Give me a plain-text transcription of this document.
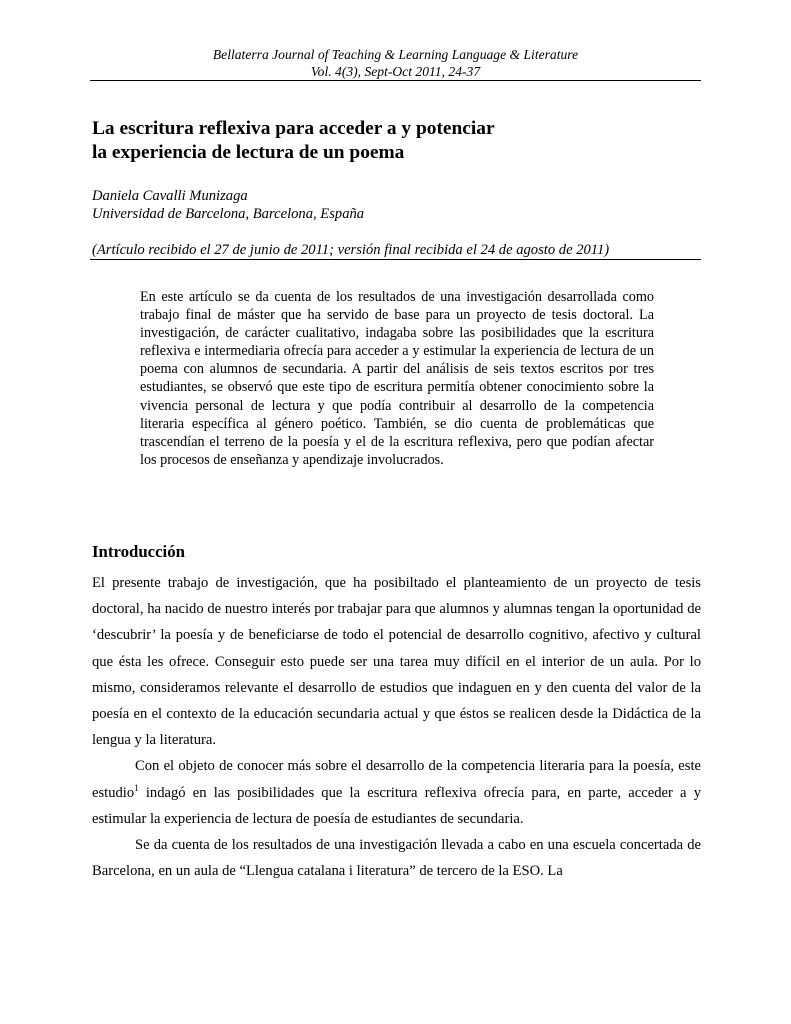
Bellaterra Journal of Teaching & Learning Language & Literature
Vol. 4(3), Sept-Oct 2011, 24-37
La escritura reflexiva para acceder a y potenciar
la experiencia de lectura de un poema
Daniela Cavalli Munizaga
Universidad de Barcelona, Barcelona, España
(Artículo recibido el 27 de junio de 2011; versión final recibida el 24 de agosto de 2011)

En este artículo se da cuenta de los resultados de una investigación desarrollada como trabajo final de máster que ha servido de base para un proyecto de tesis doctoral. La investigación, de carácter cualitativo, indagaba sobre las posibilidades que la escritura reflexiva e intermediaria ofrecía para acceder a y estimular la experiencia de lectura de un poema con alumnos de secundaria. A partir del análisis de seis textos escritos por tres estudiantes, se observó que este tipo de escritura permitía obtener conocimiento sobre la vivencia personal de lectura y que podía contribuir al desarrollo de la competencia literaria específica al género poético. También, se dio cuenta de problemáticas que trascendían el terreno de la poesía y el de la escritura reflexiva, pero que podían afectar los procesos de enseñanza y apendizaje involucrados.

Introducción

El presente trabajo de investigación, que ha posibiltado el planteamiento de un proyecto de tesis doctoral, ha nacido de nuestro interés por trabajar para que alumnos y alumnas tengan la oportunidad de ‘descubrir’ la poesía y de beneficiarse de todo el potencial de desarrollo cognitivo, afectivo y cultural que ésta les ofrece. Conseguir esto puede ser una tarea muy difícil en el interior de un aula. Por lo mismo, consideramos relevante el desarrollo de estudios que indaguen en y den cuenta del valor de la poesía en el contexto de la educación secundaria actual y que éstos se realicen desde la Didáctica de la lengua y la literatura.

Con el objeto de conocer más sobre el desarrollo de la competencia literaria para la poesía, este estudio$^1$ indagó en las posibilidades que la escritura reflexiva ofrecía para, en parte, acceder a y estimular la experiencia de lectura de poesía de estudiantes de secundaria.

Se da cuenta de los resultados de una investigación llevada a cabo en una escuela concertada de Barcelona, en un aula de “Llengua catalana i literatura” de tercero de la ESO. La
